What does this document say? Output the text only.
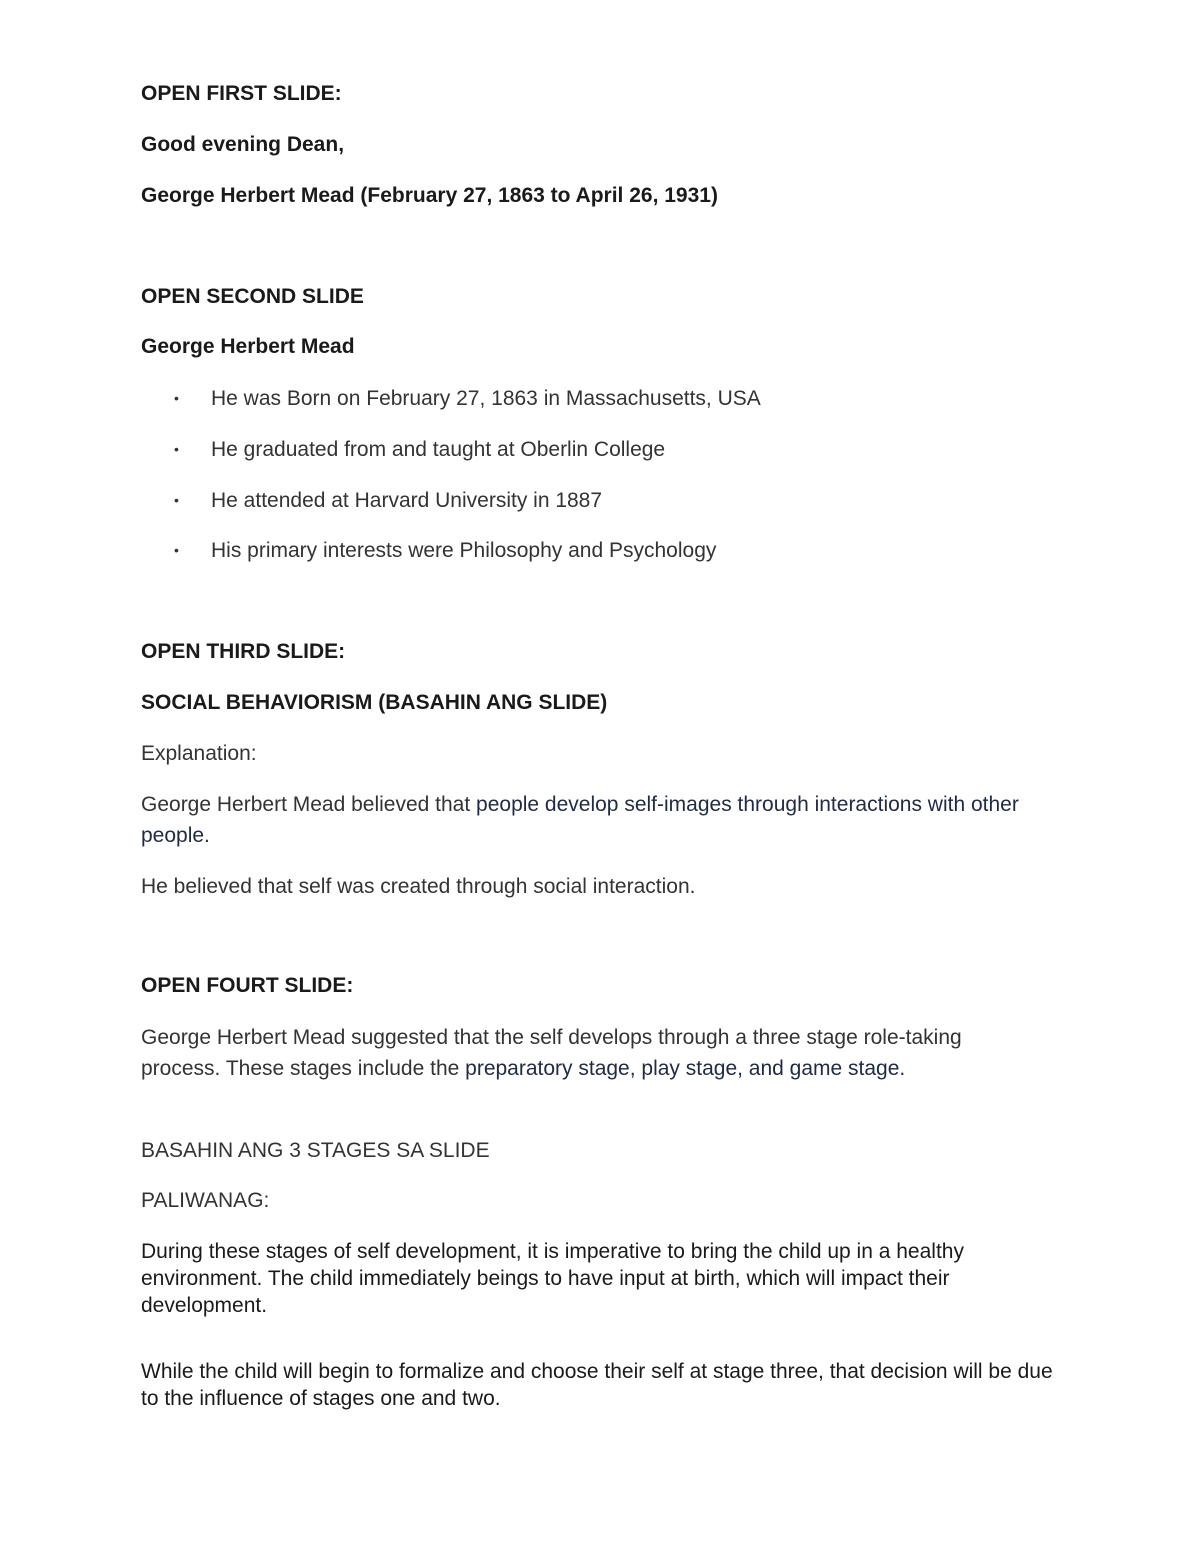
OPEN FIRST SLIDE:
Good evening Dean,
George Herbert Mead (February 27, 1863 to April 26, 1931)
OPEN SECOND SLIDE
George Herbert Mead
• He was Born on February 27, 1863 in Massachusetts, USA
• He graduated from and taught at Oberlin College
• He attended at Harvard University in 1887
• His primary interests were Philosophy and Psychology
OPEN THIRD SLIDE:
SOCIAL BEHAVIORISM (BASAHIN ANG SLIDE)
Explanation:
George Herbert Mead believed that people develop self-images through interactions with other people.
He believed that self was created through social interaction.
OPEN FOURT SLIDE:
George Herbert Mead suggested that the self develops through a three stage role-taking process. These stages include the preparatory stage, play stage, and game stage.
BASAHIN ANG 3 STAGES SA SLIDE
PALIWANAG:
During these stages of self development, it is imperative to bring the child up in a healthy environment. The child immediately beings to have input at birth, which will impact their development.
While the child will begin to formalize and choose their self at stage three, that decision will be due to the influence of stages one and two.
